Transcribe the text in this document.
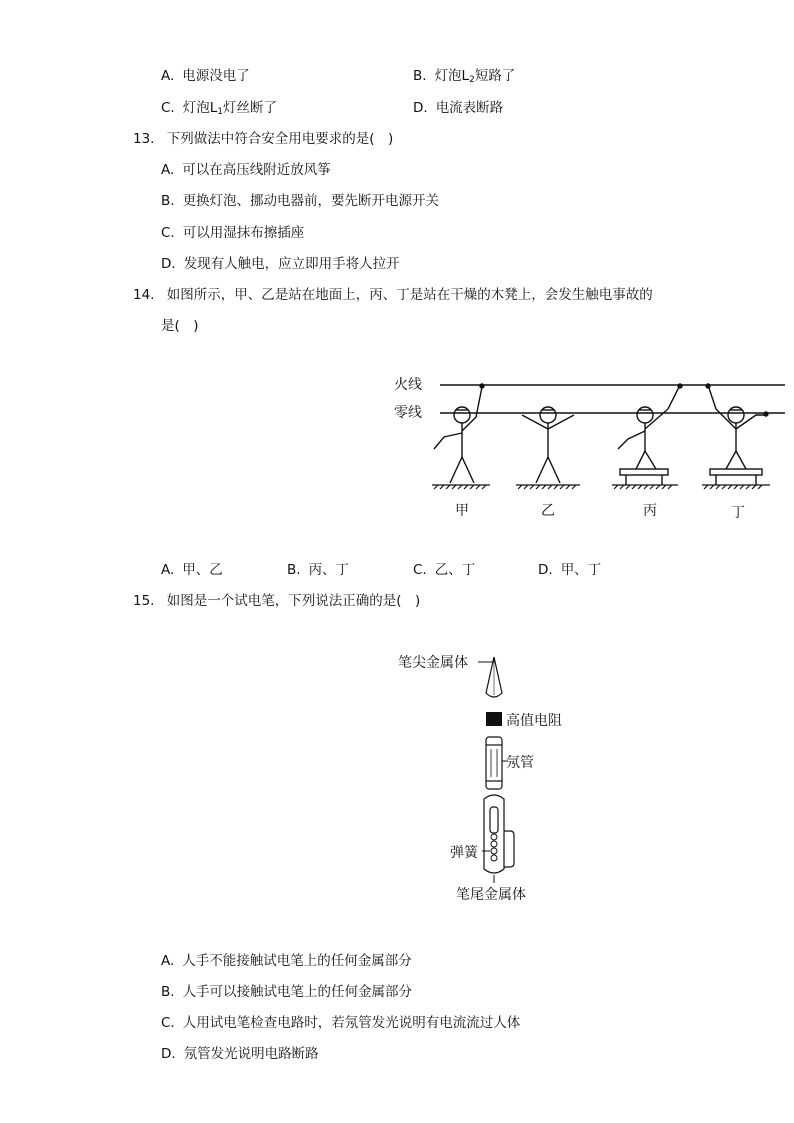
A. 电源没电了	B. 灯泡$L_2$短路了
C. 灯泡$L_1$灯丝断了	D. 电流表断路
13. 下列做法中符合安全用电要求的是(　)
A. 可以在高压线附近放风筝
B. 更换灯泡、挪动电器前，要先断开电源开关
C. 可以用湿抹布擦插座
D. 发现有人触电，应立即用手将人拉开
14. 如图所示，甲、乙是站在地面上，丙、丁是站在干燥的木凳上，会发生触电事故的
是(　)
火线
零线
甲	乙	丙	丁
A. 甲、乙	B. 丙、丁	C. 乙、丁	D. 甲、丁
15. 如图是一个试电笔，下列说法正确的是(　)
笔尖金属体
高值电阻
氖管
弹簧
笔尾金属体
A. 人手不能接触试电笔上的任何金属部分
B. 人手可以接触试电笔上的任何金属部分
C. 人用试电笔检查电路时，若氖管发光说明有电流流过人体
D. 氖管发光说明电路断路
